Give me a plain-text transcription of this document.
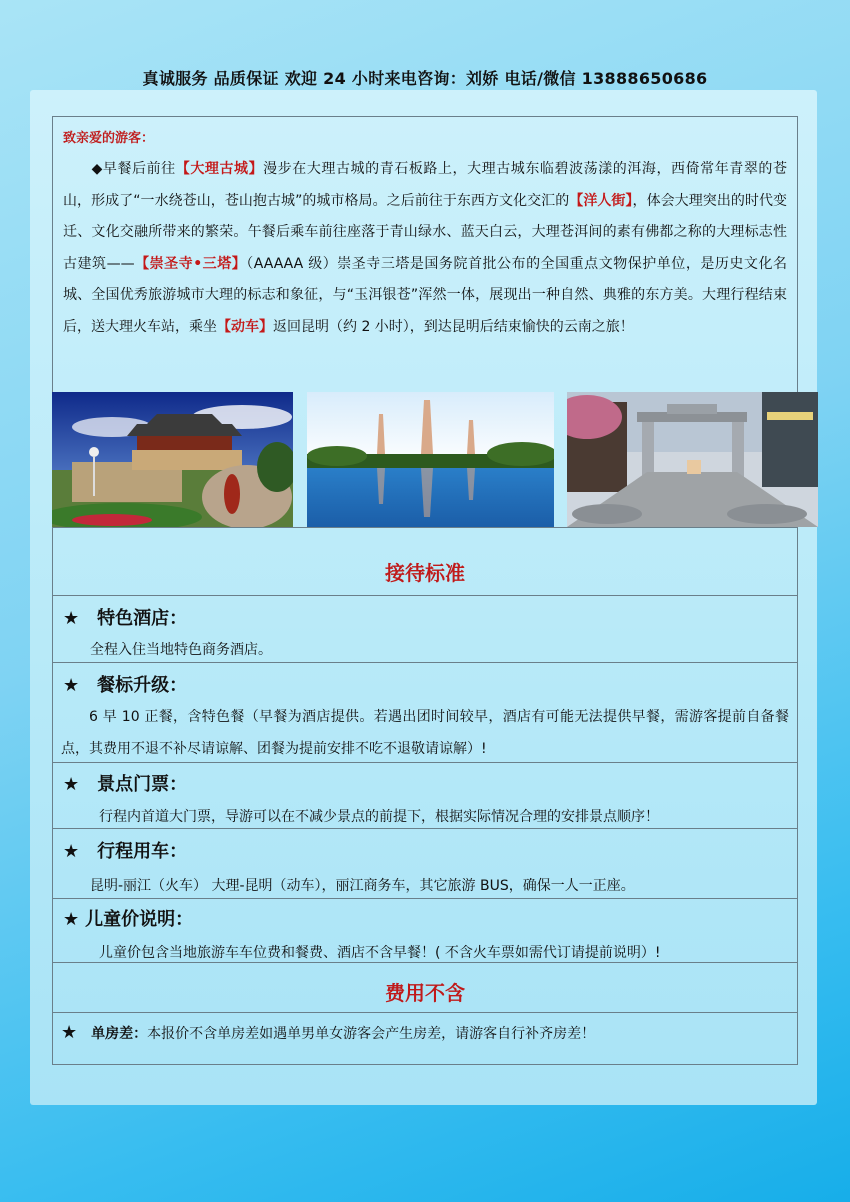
真诚服务 品质保证 欢迎 24 小时来电咨询：刘娇 电话/微信 13888650686
致亲爱的游客：
◆早餐后前往【大理古城】漫步在大理古城的青石板路上，大理古城东临碧波荡漾的洱海，西倚常年青翠的苍山，形成了“一水绕苍山，苍山抱古城”的城市格局。之后前往于东西方文化交汇的【洋人街】，体会大理突出的时代变迁、文化交融所带来的繁荣。午餐后乘车前往座落于青山绿水、蓝天白云，大理苍洱间的素有佛都之称的大理标志性古建筑——【崇圣寺•三塔】（AAAAA 级）崇圣寺三塔是国务院首批公布的全国重点文物保护单位，是历史文化名城、全国优秀旅游城市大理的标志和象征，与“玉洱银苍”浑然一体，展现出一种自然、典雅的东方美。大理行程结束后，送大理火车站，乘坐【动车】返回昆明（约 2 小时），到达昆明后结束愉快的云南之旅！
接待标准
★ 特色酒店：
全程入住当地特色商务酒店。
★ 餐标升级：
6 早 10 正餐，含特色餐（早餐为酒店提供。若遇出团时间较早，酒店有可能无法提供早餐，需游客提前自备餐点，其费用不退不补尽请谅解、团餐为提前安排不吃不退敬请谅解）!
★ 景点门票：
行程内首道大门票，导游可以在不减少景点的前提下，根据实际情况合理的安排景点顺序！
★ 行程用车：
昆明-丽江（火车） 大理-昆明（动车），丽江商务车，其它旅游 BUS，确保一人一正座。
★ 儿童价说明：
儿童价包含当地旅游车车位费和餐费、酒店不含早餐！( 不含火车票如需代订请提前说明）!
费用不含
★ 单房差：本报价不含单房差如遇单男单女游客会产生房差，请游客自行补齐房差！
